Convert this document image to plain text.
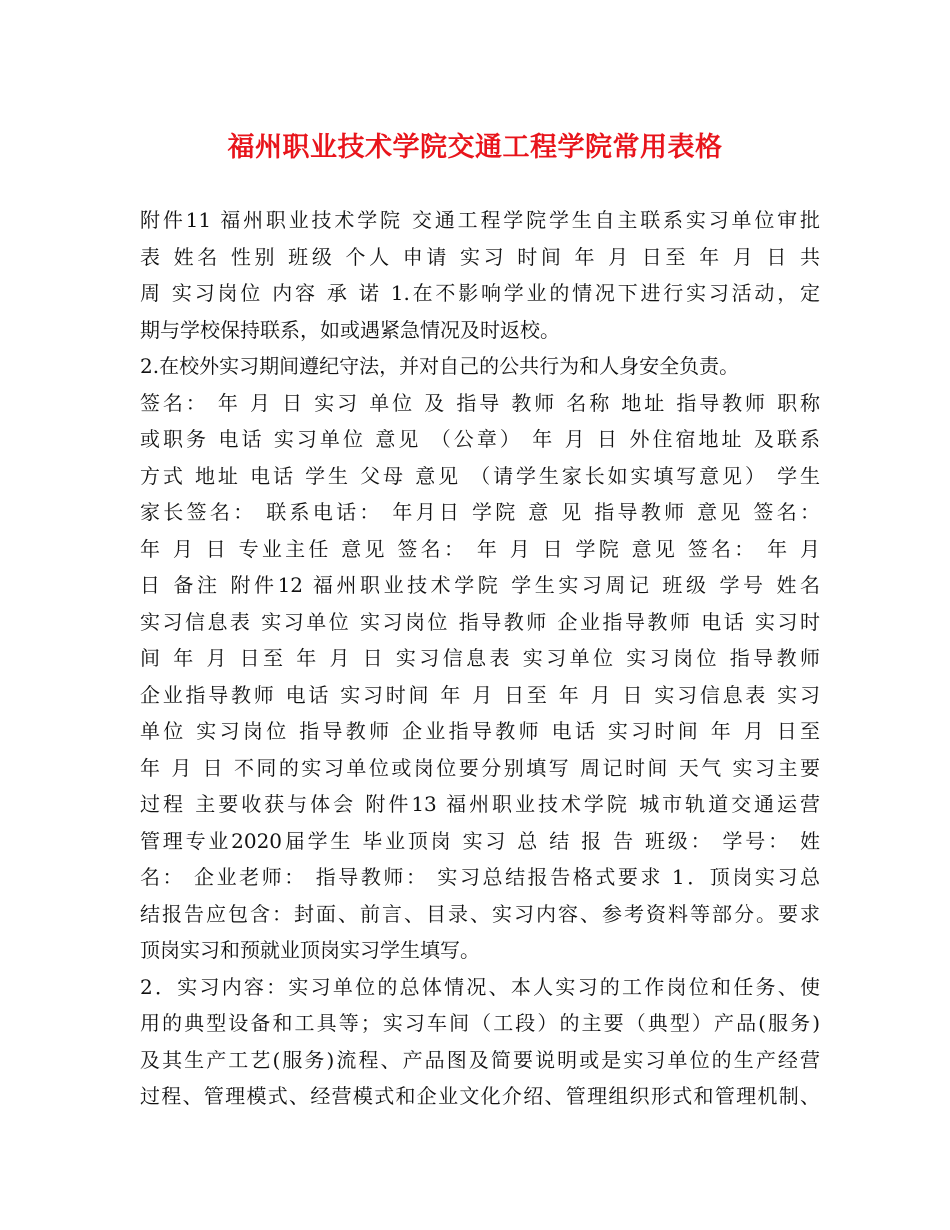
福州职业技术学院交通工程学院常用表格
附件11 福州职业技术学院 交通工程学院学生自主联系实习单位审批
表 姓名 性别 班级 个人 申请 实习 时间 年 月 日至 年 月 日 共
周 实习岗位 内容 承 诺 1.在不影响学业的情况下进行实习活动，定
期与学校保持联系，如或遇紧急情况及时返校。
2.在校外实习期间遵纪守法，并对自己的公共行为和人身安全负责。
签名： 年 月 日 实习 单位 及 指导 教师 名称 地址 指导教师 职称
或职务 电话 实习单位 意见 （公章） 年 月 日 外住宿地址 及联系
方式 地址 电话 学生 父母 意见 （请学生家长如实填写意见） 学生
家长签名： 联系电话： 年月日 学院 意 见 指导教师 意见 签名：
年 月 日 专业主任 意见 签名： 年 月 日 学院 意见 签名： 年 月
日 备注 附件12 福州职业技术学院 学生实习周记 班级 学号 姓名
实习信息表 实习单位 实习岗位 指导教师 企业指导教师 电话 实习时
间 年 月 日至 年 月 日 实习信息表 实习单位 实习岗位 指导教师
企业指导教师 电话 实习时间 年 月 日至 年 月 日 实习信息表 实习
单位 实习岗位 指导教师 企业指导教师 电话 实习时间 年 月 日至
年 月 日 不同的实习单位或岗位要分别填写 周记时间 天气 实习主要
过程 主要收获与体会 附件13 福州职业技术学院 城市轨道交通运营
管理专业2020届学生 毕业顶岗 实习 总 结 报 告 班级： 学号： 姓
名： 企业老师： 指导教师： 实习总结报告格式要求 1．顶岗实习总
结报告应包含：封面、前言、目录、实习内容、参考资料等部分。要求
顶岗实习和预就业顶岗实习学生填写。
2．实习内容：实习单位的总体情况、本人实习的工作岗位和任务、使
用的典型设备和工具等；实习车间（工段）的主要（典型）产品(服务)
及其生产工艺(服务)流程、产品图及简要说明或是实习单位的生产经营
过程、管理模式、经营模式和企业文化介绍、管理组织形式和管理机制、
